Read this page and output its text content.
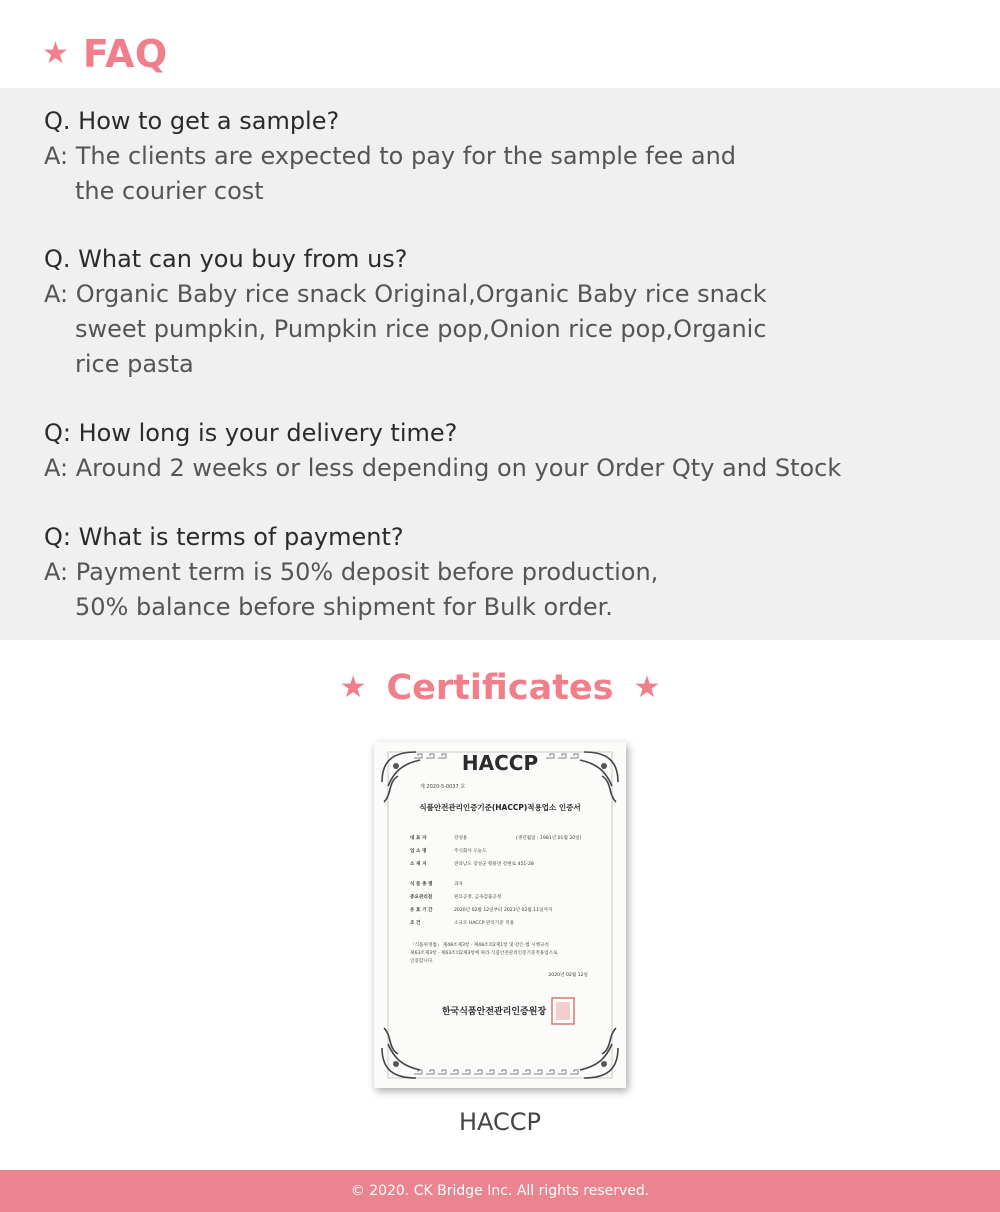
★ FAQ
Q. How to get a sample?
A: The clients are expected to pay for the sample fee and
the courier cost
Q. What can you buy from us?
A: Organic Baby rice snack Original,Organic Baby rice snack
sweet pumpkin, Pumpkin rice pop,Onion rice pop,Organic
rice pasta
Q: How long is your delivery time?
A: Around 2 weeks or less depending on your Order Qty and Stock
Q: What is terms of payment?
A: Payment term is 50% deposit before production,
50% balance before shipment for Bulk order.
★ Certificates ★
HACCP
제 2020-5-0037 호
식품안전관리인증기준(HACCP)적용업소 인증서
대 표 자	강성용	(생년월일 : 1981년 01월 20일)
업 소 명	주식회사 오늘도
소 재 지	전라남도 장성군 황룡면 강변로 451-28
식 품 종 별	과자
중요관리점	원료공정, 금속검출공정
유 효 기 간	2020년 02월 12일부터 2023년 02월 11일까지
조 건	소규모 HACCP 관리기준 적용
「식품위생법」 제48조제3항 · 제48조의2제1항 및 같은 법 시행규칙
제63조제3항 · 제63조의2제3항에 따라 식품안전관리인증기준적용업소로
인증합니다.
2020년 02월 12일
한국식품안전관리인증원장
HACCP
© 2020. CK Bridge Inc. All rights reserved.
